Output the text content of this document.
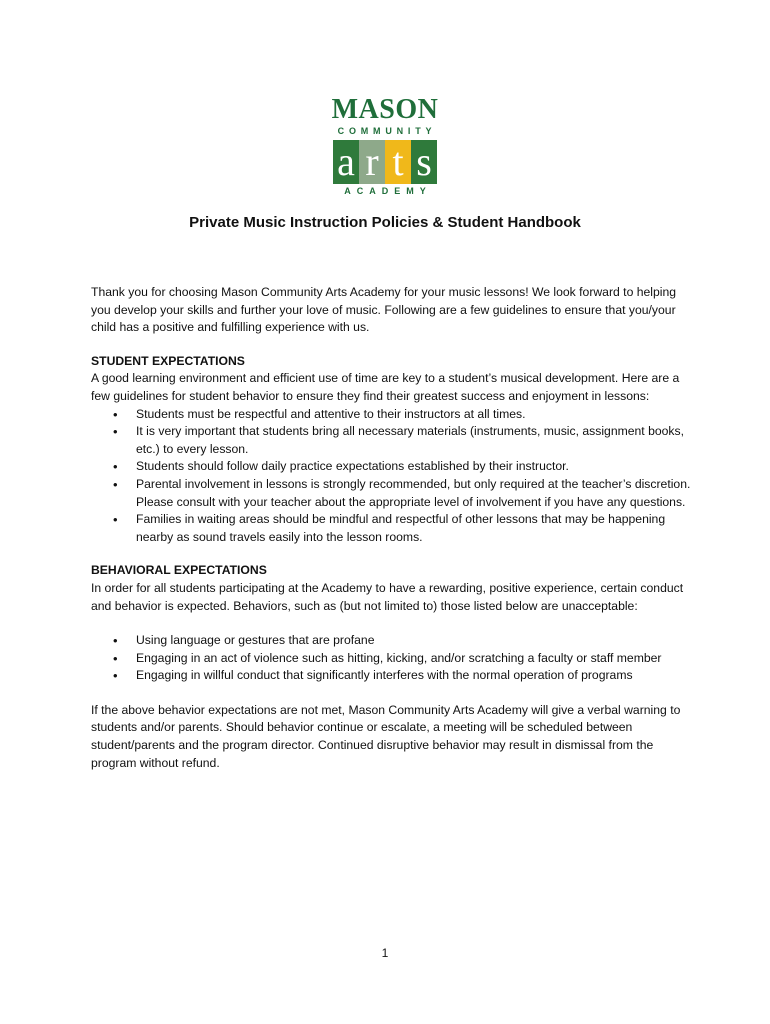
MASON
COMMUNITY
a r t s
ACADEMY
Private Music Instruction Policies & Student Handbook

Thank you for choosing Mason Community Arts Academy for your music lessons! We look forward to helping you develop your skills and further your love of music. Following are a few guidelines to ensure that you/your child has a positive and fulfilling experience with us.

STUDENT EXPECTATIONS

A good learning environment and efficient use of time are key to a student’s musical development. Here are a few guidelines for student behavior to ensure they find their greatest success and enjoyment in lessons:

• Students must be respectful and attentive to their instructors at all times.
• It is very important that students bring all necessary materials (instruments, music, assignment books, etc.) to every lesson.
• Students should follow daily practice expectations established by their instructor.
• Parental involvement in lessons is strongly recommended, but only required at the teacher’s discretion. Please consult with your teacher about the appropriate level of involvement if you have any questions.
• Families in waiting areas should be mindful and respectful of other lessons that may be happening nearby as sound travels easily into the lesson rooms.

BEHAVIORAL EXPECTATIONS

In order for all students participating at the Academy to have a rewarding, positive experience, certain conduct and behavior is expected. Behaviors, such as (but not limited to) those listed below are unacceptable:

• Using language or gestures that are profane
• Engaging in an act of violence such as hitting, kicking, and/or scratching a faculty or staff member
• Engaging in willful conduct that significantly interferes with the normal operation of programs

If the above behavior expectations are not met, Mason Community Arts Academy will give a verbal warning to students and/or parents. Should behavior continue or escalate, a meeting will be scheduled between student/parents and the program director. Continued disruptive behavior may result in dismissal from the program without refund.

1
